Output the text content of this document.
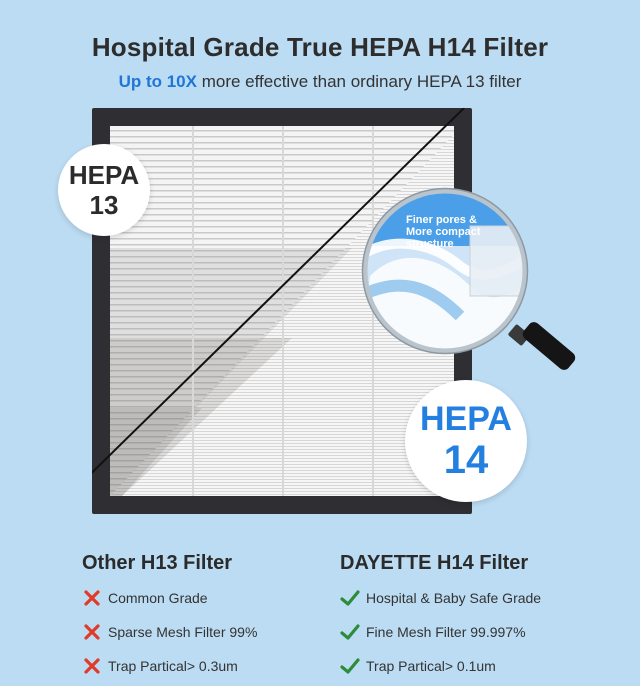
Hospital Grade True HEPA H14 Filter
Up to 10X more effective than ordinary HEPA 13 filter
HEPA
13	Finer pores &
More compact
structure
HEPA
14
Other H13 Filter
Common Grade
Sparse Mesh Filter 99%
Trap Partical> 0.3um
DAYETTE H14 Filter
Hospital & Baby Safe Grade
Fine Mesh Filter 99.997%
Trap Partical> 0.1um
